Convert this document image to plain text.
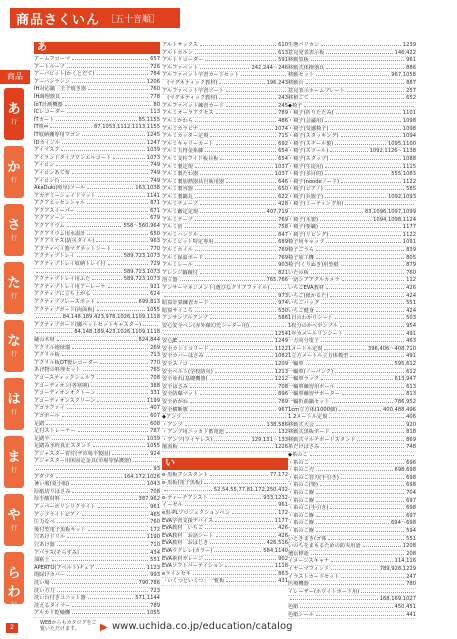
商品さくいん ［五十音順］
商品
あ
行
か
行
さ
行
た
行
な
行
は
行
ま
行
や
行
らわ
行
あ
アームフローマ	657
アートループ	726
アーバビット(かくとだて)	784
アーバンラシン	1206
IH対応鍋　玉子焼き器	760
IH調理器具	778
IoT計測機器	80
ICレコーダー	113
ITカート	85,1155
IT机⇔	87,1053,1112,1113,1155
IT収納棚専用ワゴン	1245
IDカイジル	1247
アイマスク	1039
アイランドタイプワンエルコート	1073
アイロン	749
アイロンあて布	749
アイロン台	749
AkaDuki(岐阜)ツール	163,1038
アカデミーシェイドマット	1141
アクアエッセンシャル	871
アクアスイーパー	671
アクアソーン	679
アクアリウム	558〜560,964
アクアリウム用水温計	650
アクアリテス(防災タイル)	963
アクティベイ器マグネットシート	770
アクティブトレイ	589,723,1073
アクティブトレイ収納トレイ付	729
589,723,1073
アクティブトレイ用ふた	589,723,1073
アクティブトレイ用アーレーケ	921
アクティブに立ち上がる	624
アクティブプレースボット	699,813
アクティブボード(両面板)	1055
84,148,189,423,978,1026,1109,1118
アクティブボード(脚ベットセットキャスター)
84,148,189,423,1026,1109,1118
蔵の木材	824,844
アクリル地球儀	269
アクリル板	713
アクリル板OT製レコーダー	770
あげ物の料理セット	765
アコースティックシェルフ	708
アコーディオン(各寒期)	388
アコーディオンオクトーン	331
アコーディオンスクリーン	1199
アゴラファイ	407
アゴボール	607
足踏	608
足付ストレーナー	787
足踏半	1039
足踏み水栓真正スタンド	1055
アジャスター着付(ザ市場半製図)	924
アジャスター用床固定金具(市場等保護器)
93
アダプタ	164,172,1026
暑い服(夏小服)	1043
厚紙切りはさみ	708
厚手酸材料	387,962
アッパーボリンリクライト	961
アップライトピアノ	465
圧力なべ	760
後付型電子黒板キット	172
穴あけドリル	1190
穴あけ器	710
アパラス(そらすみ)	434
油粘土	551
APERTO(アペルト)チェア	1123
雨除けカバー	993
洗い場	790,786
洗い方刀	723
洗い台付きユニット器	571,1144
洗えるタイマー	789
アルカリ乾燥機	1055
アルトサックス	610
アルトホルン	613
アルトリコーダー	591
アルファベット	242,244〜246
アルファベット学習カードセット
　(マグネティック教材)	196,243
アルファベット学習ソート
　(マグネティック教材)	243
アルファベット練習カード	245
アルミオーラアクセス	789
アルミかわら	486
アルミカラビナ	1074
アルミカッター定規	715
アルミキャリーカート	692
アルミ五得金系脚	654
アルミ支柱フイド板目板	654
アルミ製定規	1037
アルミ製たわ器	1037
アルミ製加熱器具自販用器	646
アルミ製容器	650
アルミ製鍋丸	622
アルミチューブ	428
アルミ鑑定定規	407,719
アルミテープ	769
アルミ箔	758
アルミハンドル	847
アルミビット特定専用	689
アルミホイル	769
アルミ保温ボード	769
アルミレール	903
アレンジ鍋鏡付	821
泡立器	765,766
アンサーマネジメント(選びなクリアファイル)
973
暗算計算練習カード	974
暗算サイころ	530
アンサンブルアンプ	586
安心安全ペン(赤外線幻光シーター用)
1254
安心JE	1249
安全カシミコリード	1122
安全カバーはさみ	1082
安全スノコ	1209
安全ベルト(学校防災)	1213
安全ゆれ(基礎機器)	1212
安全はさみ	708
安全防爆マット	896
安全めがね	769
安全横断旗	967
◆アンプ
・アンプ	138,586
・アンプ用ニッカド蓄電池	132
・アンプ(ワイヤレス)	129,131〜133
罷流板	1226
い
e-黒板アシスタント	77,172
e-黒板(電子黒板)
52,54,55,77,81,172,250,432
e-ティーチアシスト	933,1232
イーゼル	961
e黒-PLプロジェクションペン	172
EVA学習支援デバイス	1177
EVA教材　いちご	426
EVA教材　お話シート	426
EVA教材　おはじき	426,516
EVAウクレレ(カラー)	584,1140
EVA素材ガレージ	902
EVAソフトパーテイション	1118
eラインセキ	863
「いくつといくつ」一覧板	431
生態パリカン	1239
意見発表表示板	146,422
移動黒板	961
移動式体操器具	886
移動セット	967,1058
移動台	887
意見表示ホームプレート	257
移植ごて	652
◆椅子
・椅子(折りたたみ)	1101
・椅子(会議用)	1098
・椅子(受講椅子)	1098
・椅子(スタッキング)	1094
・椅子(スチール製)	1095,1100
・椅子(スツール)	1092,1126〜1138
・椅子(スタップ)	1088
・椅子(生徒用)	1115
・椅子(多目的)	555,1083
・椅子(noodeノード)	1122
・椅子(ビアノ)	585
・椅子(兵器子)	1092,1093
・椅子(ミーティング用)
83,1096,1097,1099
・椅子(木製)	1094,1098,1124
・椅子(要職)	1177
・椅子(リビング)	1122
椅子用キャップ	1091
椅子ごうら	839
椅子加工機	805
椅子(くりぬき)用型紙	879
いたの板	760
一語シアアグルカメラ	112
いちごEVA教材	426
いちご(紙かるた)	424
いちごバッグ	551
いちご健身	424
1日のわかりシート	503
1枚分のかべボンプル	954
1年カメールリンシート	491
一方向分電子	463
1メートル定規	396,406〜408,710
1立方メートル立方体模型	491
一輪車	595,612
一輪車(ノーパンク)	612
一輪車ラック	613,947
一輪車練習用ポール	613
一輪車練習サポーター	813
一輪折曲鍋セット	786,952
1cm立方体(1000個)	400,488,496
1.2メートル定規	406
移動式大会	920
移動式黒板ボード	818
移動式マルチボードスタンド	869
糸だけばさみ	748
◆糸のこ
・糸のこ	696
・糸のこ刃	698,698
・糸のこ替刃(手引き)	698
・糸のこ(楽)	698
・糸のこ盤	704
・糸のこ盤	697
・糸のこ(手引き)	698
・糸のこ盤	697
・糸のこ盤	694〜698
・糸のこ盤	594
いときまき(ゴ体	551
いのちをまもるための防災用語	1208
遺伝標語	208
イメージスキャナ	114,116
イヤーマフィンド	789,928,1229
イラストカードセット	247
医療機器	780
イレーザー(ホワイトボード用)
168,169,1027
色紙	450,451
色紙シール	441
2
WEBからもカタログをご覧いただけます。	▶ www.uchida.co.jp/education/catalog
